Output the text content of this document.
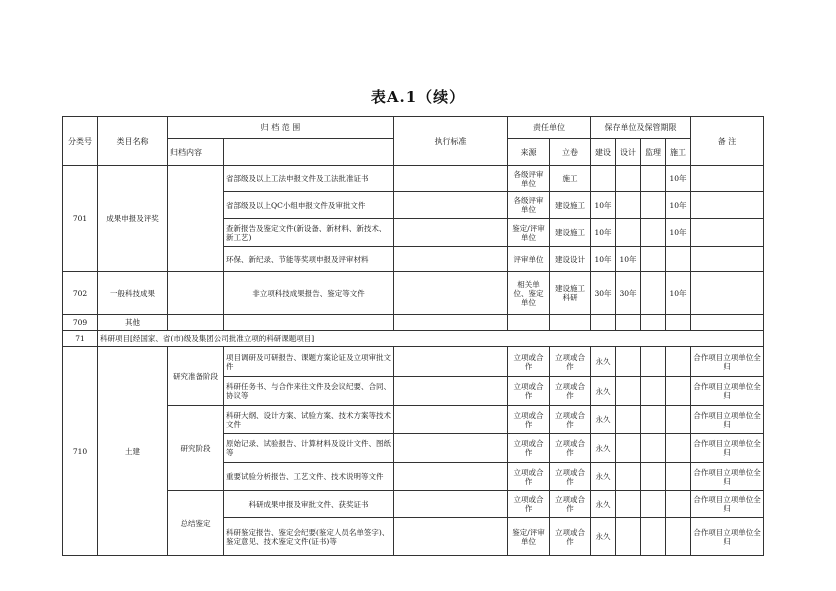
表A.1（续）
分类号	类目名称	归 档 范 围		执行标准	责任单位		保存单位及保管期限				备 注
		归档内容			来源	立卷	建设	设计	监理	施工	
701	成果申报及评奖		省部级及以上工法申报文件及工法批准证书		各级评审单位	施工				10年	
			省部级及以上QC小组申报文件及审批文件		各级评审单位	建设施工	10年			10年	
			查新报告及鉴定文件(新设备、新材料、新技术、新工艺)		鉴定/评审单位	建设施工	10年			10年	
			环保、新纪录、节能等奖项申报及评审材料		评审单位	建设设计	10年	10年			
702	一般科技成果		非立项科技成果报告、鉴定等文件		相关单位、鉴定单位	建设施工科研	30年	30年		10年	
709	其他										
71	科研项目[经国家、省(市)级及集团公司批准立项的科研课题项目]										
710	土建	研究准备阶段	项目调研及可研报告、课题方案论证及立项审批文件		立项或合作	立项或合作	永久				合作项目立项单位全归
			科研任务书、与合作来往文件及会议纪要、合同、协议等		立项或合作	立项或合作	永久				合作项目立项单位全归
		研究阶段	科研大纲、设计方案、试验方案、技术方案等技术文件		立项或合作	立项或合作	永久				合作项目立项单位全归
			原始记录、试验报告、计算材料及设计文件、图纸等		立项或合作	立项或合作	永久				合作项目立项单位全归
			重要试验分析报告、工艺文件、技术说明等文件		立项或合作	立项或合作	永久				合作项目立项单位全归
		总结鉴定	科研成果申报及审批文件、获奖证书		立项或合作	立项或合作	永久				合作项目立项单位全归
			科研鉴定报告、鉴定会纪要(鉴定人员名单签字)、鉴定意见、技术鉴定文件(证书)等		鉴定/评审单位	立项或合作	永久				合作项目立项单位全归
